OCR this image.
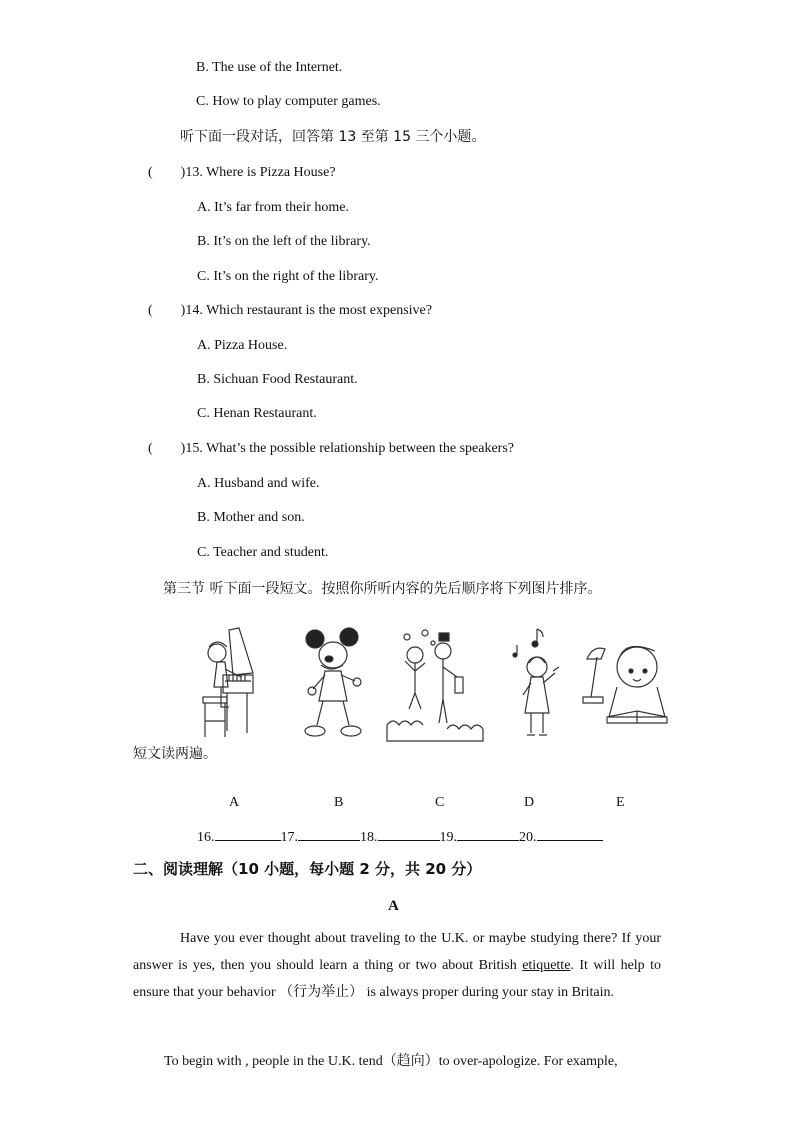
B. The use of the Internet.
C. How to play computer games.
听下面一段对话，回答第 13 至第 15 三个小题。
( )13. Where is Pizza House?
A. It’s far from their home.
B. It’s on the left of the library.
C. It’s on the right of the library.
( )14. Which restaurant is the most expensive?
A. Pizza House.
B. Sichuan Food Restaurant.
C. Henan Restaurant.
( )15. What’s the possible relationship between the speakers?
A. Husband and wife.
B. Mother and son.
C. Teacher and student.
第三节 听下面一段短文。按照你所听内容的先后顺序将下列图片排序。
短文读两遍。
A	B	C	D	E
16.	17.	18.	19.	20.
二、阅读理解（10 小题，每小题 2 分，共 20 分）
A
Have you ever thought about traveling to the U.K. or maybe studying there? If your answer is yes, then you should learn a thing or two about British etiquette. It will help to ensure that your behavior （行为举止） is always proper during your stay in Britain.
To begin with , people in the U.K. tend（趋向）to over-apologize. For example,
